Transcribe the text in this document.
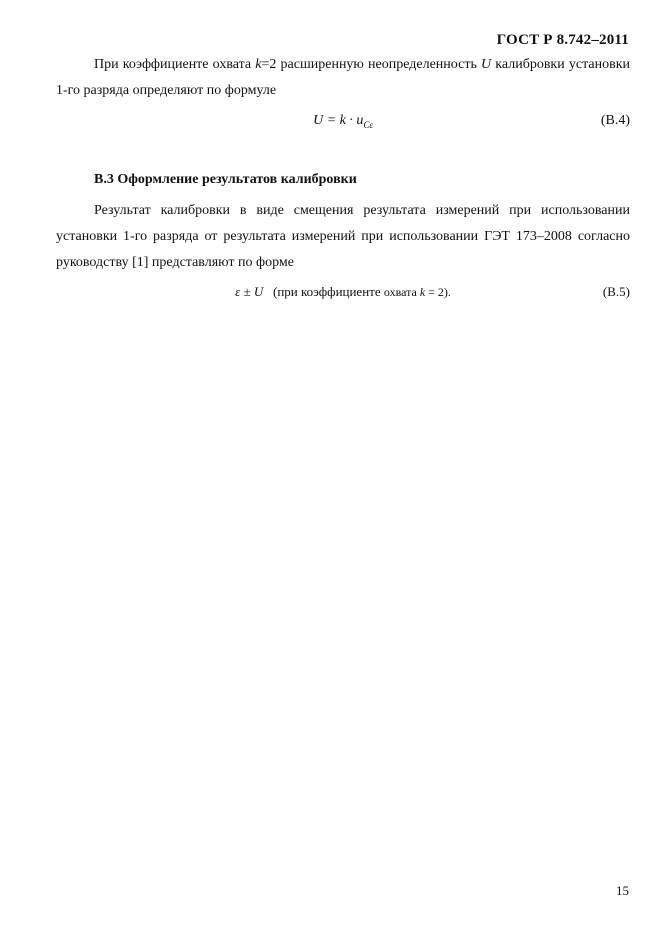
ГОСТ Р 8.742–2011
При коэффициенте охвата k=2 расширенную неопределенность U калибровки установки 1-го разряда определяют по формуле
$U = k \cdot u_{C\varepsilon}$	(В.4)
В.3 Оформление результатов калибровки
Результат калибровки в виде смещения результата измерений при использовании установки 1-го разряда от результата измерений при использовании ГЭТ 173–2008 согласно руководству [1] представляют по форме
ε ± U (при коэффициенте охвата k = 2).	(В.5)
15
